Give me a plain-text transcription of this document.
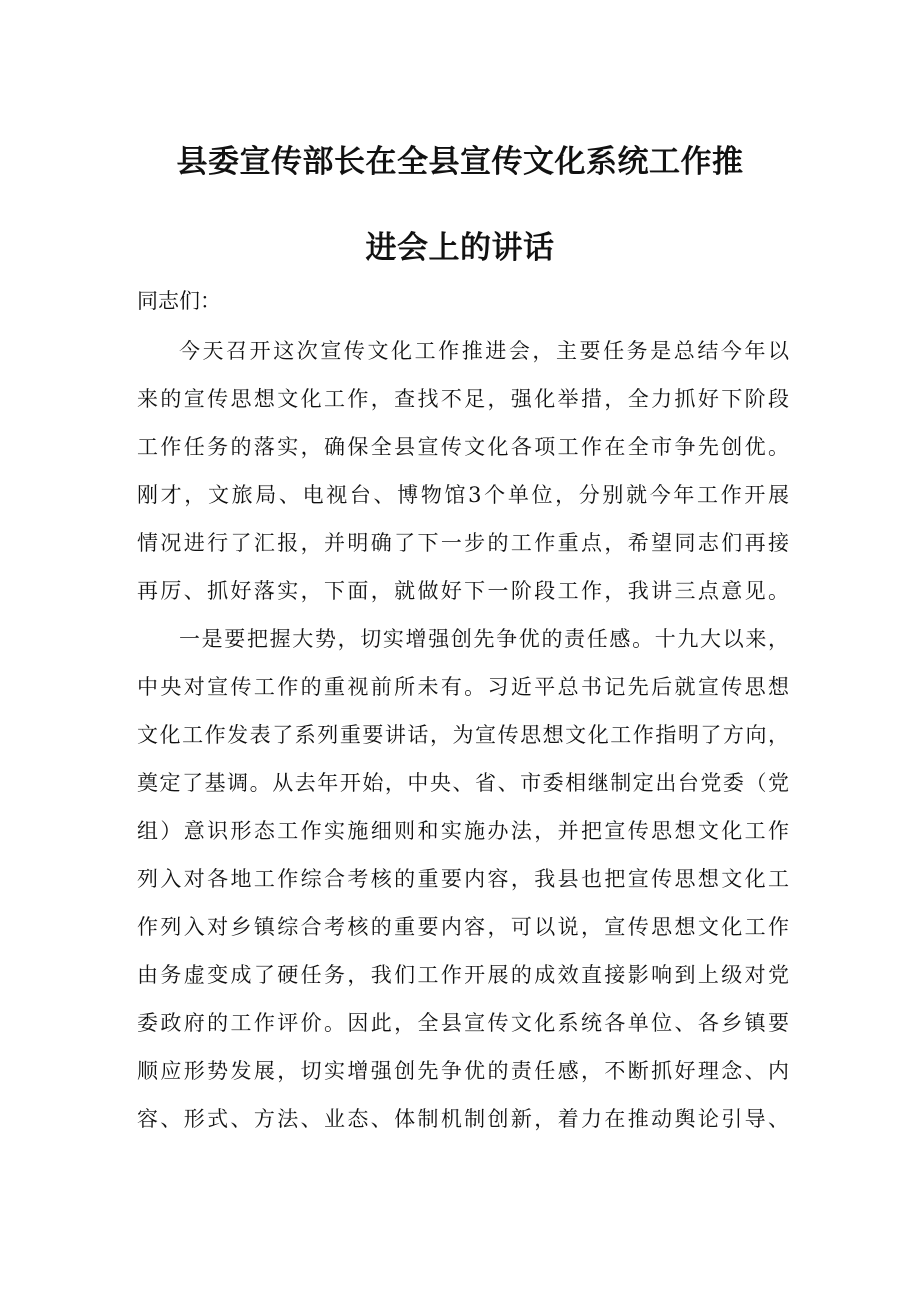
县委宣传部长在全县宣传文化系统工作推
进会上的讲话
同志们：
今天召开这次宣传文化工作推进会，主要任务是总结今年以
来的宣传思想文化工作，查找不足，强化举措，全力抓好下阶段
工作任务的落实，确保全县宣传文化各项工作在全市争先创优。
刚才，文旅局、电视台、博物馆3个单位，分别就今年工作开展
情况进行了汇报，并明确了下一步的工作重点，希望同志们再接
再厉、抓好落实，下面，就做好下一阶段工作，我讲三点意见。
一是要把握大势，切实增强创先争优的责任感。十九大以来，
中央对宣传工作的重视前所未有。习近平总书记先后就宣传思想
文化工作发表了系列重要讲话，为宣传思想文化工作指明了方向，
奠定了基调。从去年开始，中央、省、市委相继制定出台党委（党
组）意识形态工作实施细则和实施办法，并把宣传思想文化工作
列入对各地工作综合考核的重要内容，我县也把宣传思想文化工
作列入对乡镇综合考核的重要内容，可以说，宣传思想文化工作
由务虚变成了硬任务，我们工作开展的成效直接影响到上级对党
委政府的工作评价。因此，全县宣传文化系统各单位、各乡镇要
顺应形势发展，切实增强创先争优的责任感，不断抓好理念、内
容、形式、方法、业态、体制机制创新，着力在推动舆论引导、
